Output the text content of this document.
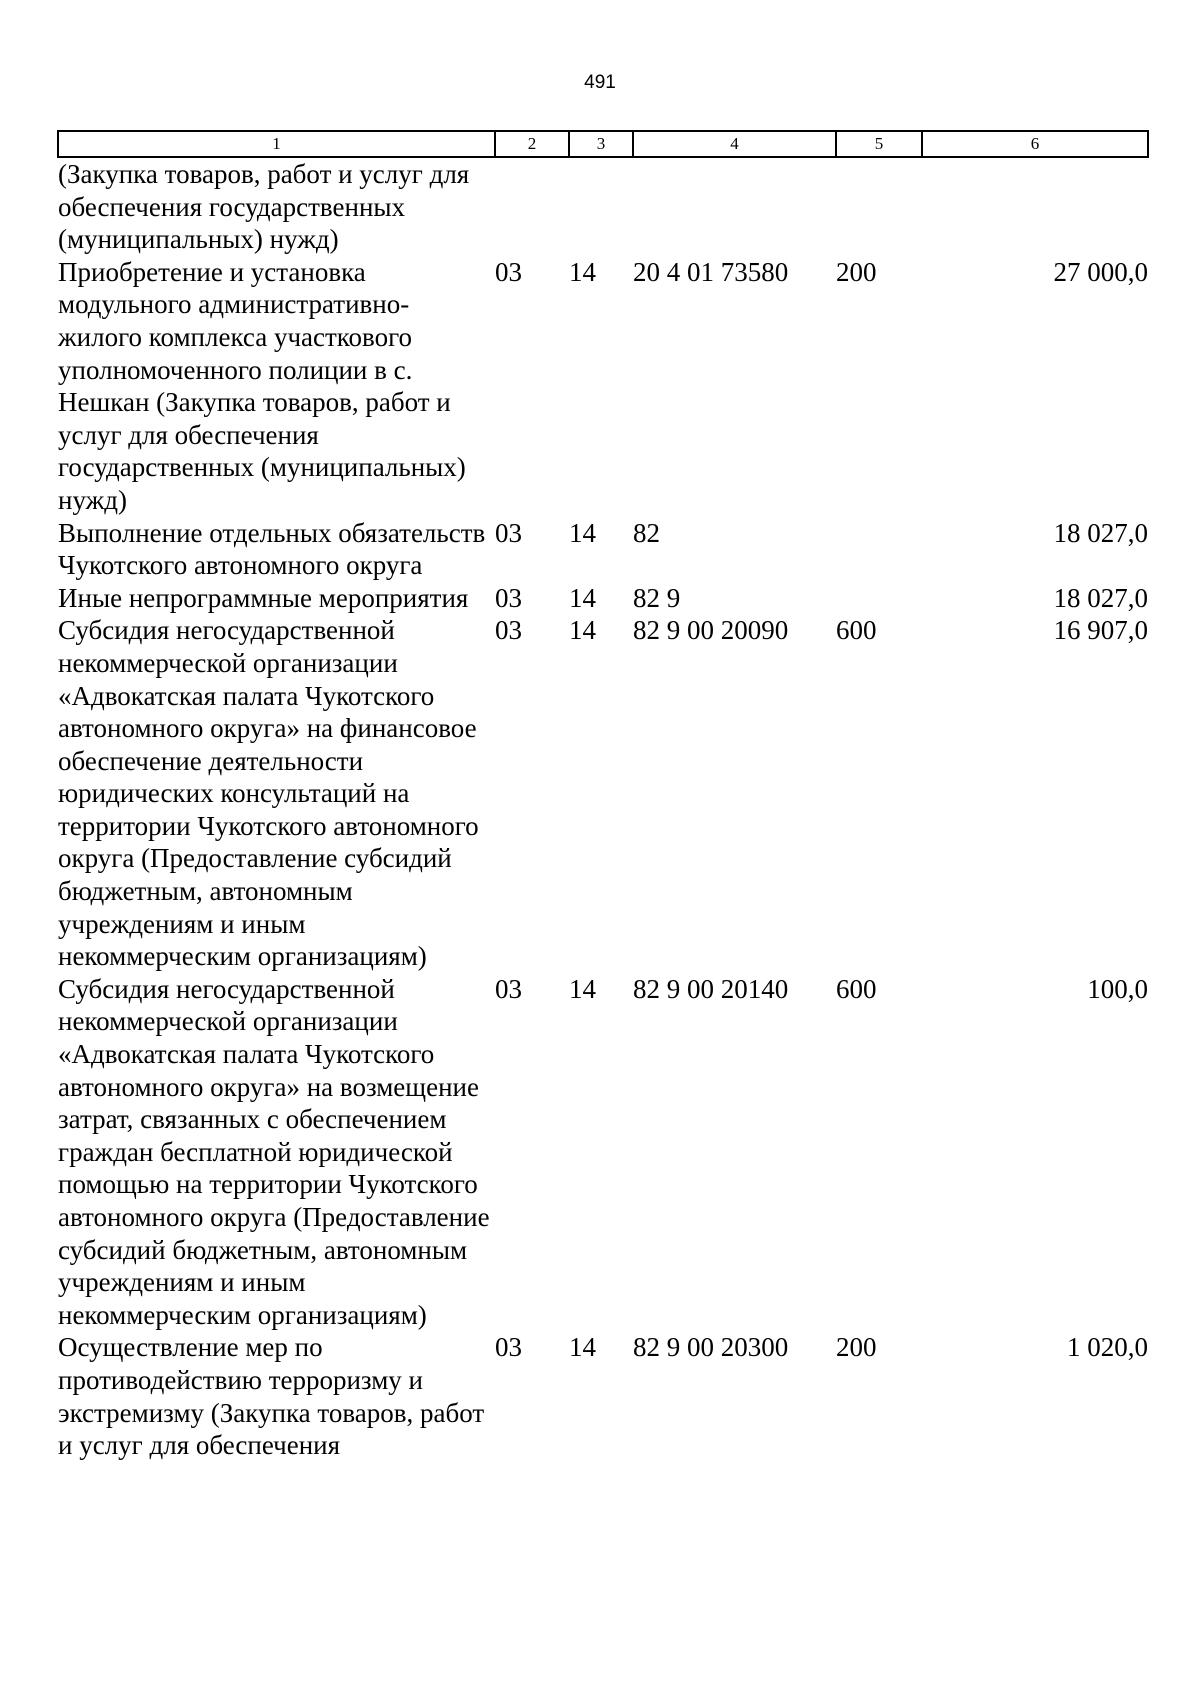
491
1	2	3	4	5	6
(Закупка товаров, работ и услуг для обеспечения государственных (муниципальных) нужд)					
Приобретение и установка модульного административно-жилого комплекса участкового уполномоченного полиции в с. Нешкан (Закупка товаров, работ и услуг для обеспечения государственных (муниципальных) нужд)	03	14	20 4 01 73580	200	27 000,0
Выполнение отдельных обязательств Чукотского автономного округа	03	14	82		18 027,0
Иные непрограммные мероприятия	03	14	82 9		18 027,0
Субсидия негосударственной некоммерческой организации «Адвокатская палата Чукотского автономного округа» на финансовое обеспечение деятельности юридических консультаций на территории Чукотского автономного округа (Предоставление субсидий бюджетным, автономным учреждениям и иным некоммерческим организациям)	03	14	82 9 00 20090	600	16 907,0
Субсидия негосударственной некоммерческой организации «Адвокатская палата Чукотского автономного округа» на возмещение затрат, связанных с обеспечением граждан бесплатной юридической помощью на территории Чукотского автономного округа (Предоставление субсидий бюджетным, автономным учреждениям и иным некоммерческим организациям)	03	14	82 9 00 20140	600	100,0
Осуществление мер по противодействию терроризму и экстремизму (Закупка товаров, работ и услуг для обеспечения	03	14	82 9 00 20300	200	1 020,0
